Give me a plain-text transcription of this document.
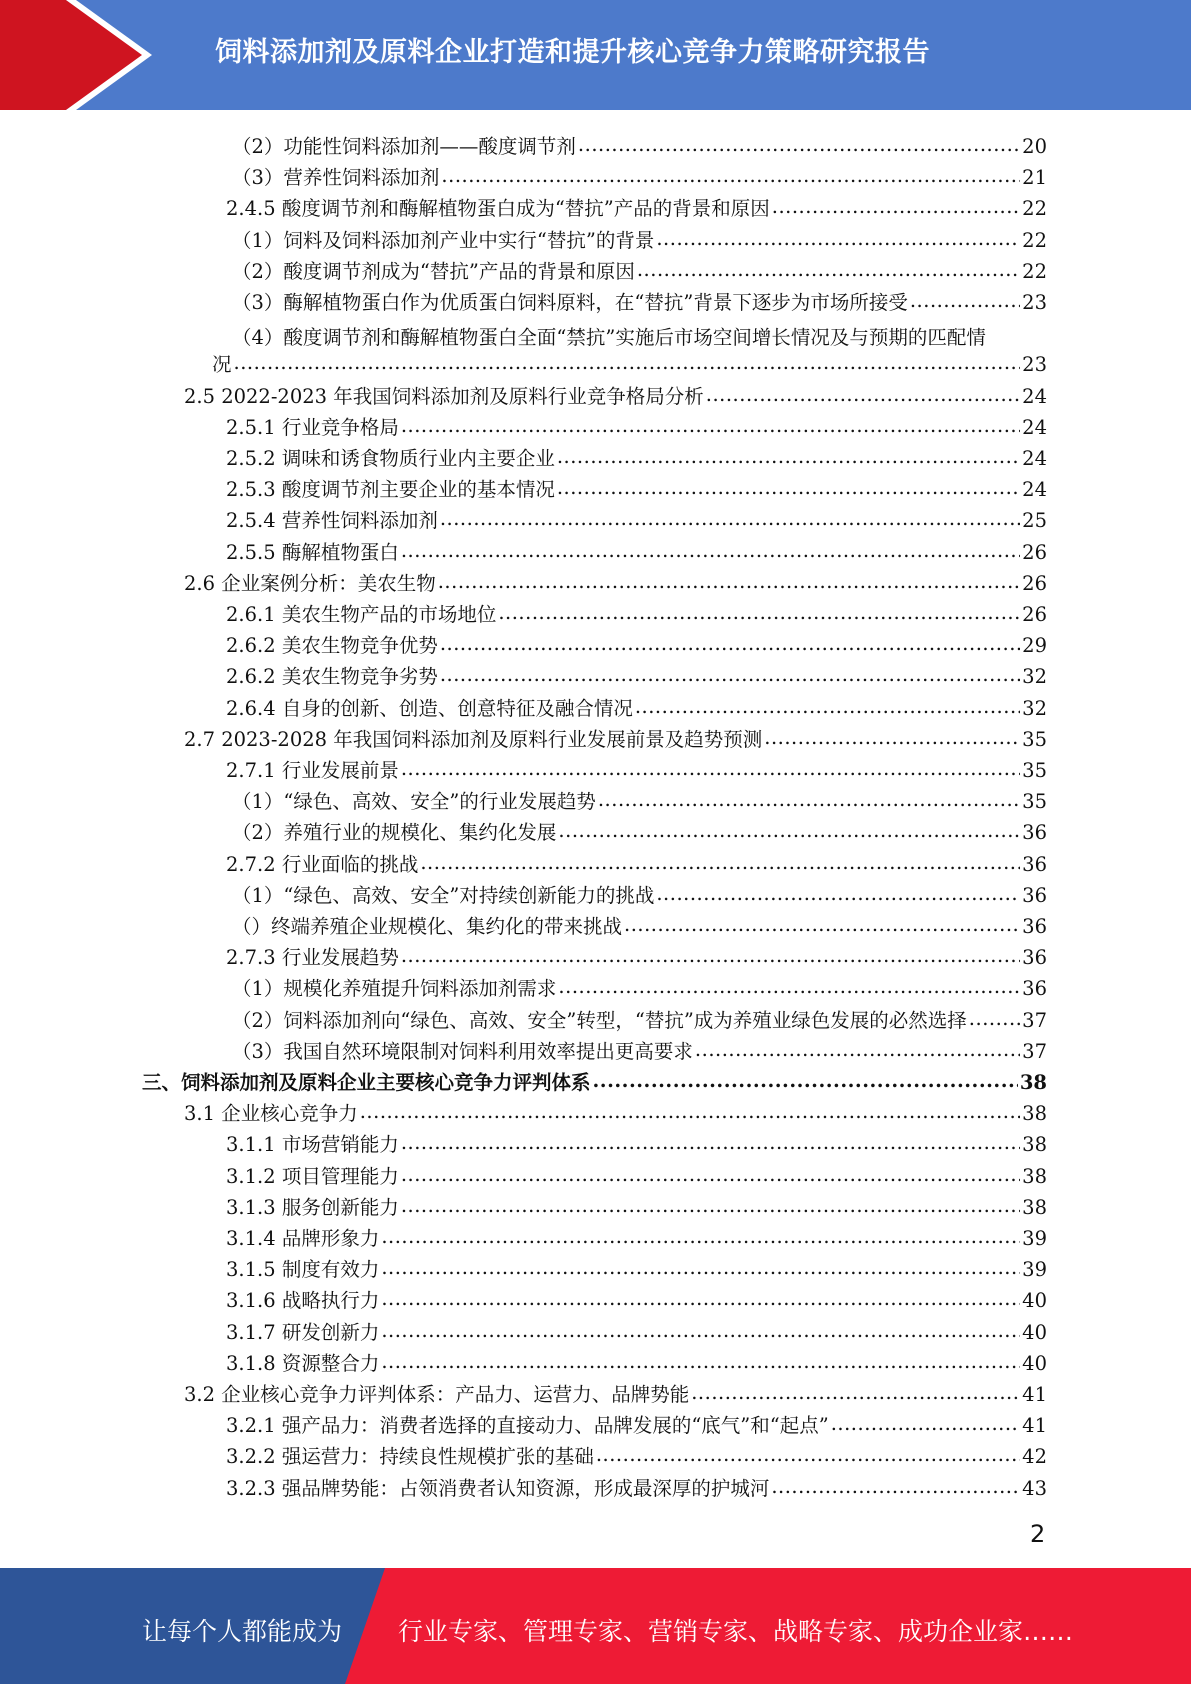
饲料添加剂及原料企业打造和提升核心竞争力策略研究报告
（2）功能性饲料添加剂——酸度调节剂 .....	20
（3）营养性饲料添加剂 .....	21
2.4.5 酸度调节剂和酶解植物蛋白成为“替抗”产品的背景和原因 .....	22
（1）饲料及饲料添加剂产业中实行“替抗”的背景 .....	22
（2）酸度调节剂成为“替抗”产品的背景和原因 .....	22
（3）酶解植物蛋白作为优质蛋白饲料原料，在“替抗”背景下逐步为市场所接受 .....	23
（4）酸度调节剂和酶解植物蛋白全面“禁抗”实施后市场空间增长情况及与预期的匹配情
况 .....	23
2.5 2022-2023 年我国饲料添加剂及原料行业竞争格局分析 .....	24
2.5.1 行业竞争格局 .....	24
2.5.2 调味和诱食物质行业内主要企业 .....	24
2.5.3 酸度调节剂主要企业的基本情况 .....	24
2.5.4 营养性饲料添加剂 .....	25
2.5.5 酶解植物蛋白 .....	26
2.6 企业案例分析：美农生物 .....	26
2.6.1 美农生物产品的市场地位 .....	26
2.6.2 美农生物竞争优势 .....	29
2.6.2 美农生物竞争劣势 .....	32
2.6.4 自身的创新、创造、创意特征及融合情况 .....	32
2.7 2023-2028 年我国饲料添加剂及原料行业发展前景及趋势预测 .....	35
2.7.1 行业发展前景 .....	35
（1）“绿色、高效、安全”的行业发展趋势 .....	35
（2）养殖行业的规模化、集约化发展 .....	36
2.7.2 行业面临的挑战 .....	36
（1）“绿色、高效、安全”对持续创新能力的挑战 .....	36
（）终端养殖企业规模化、集约化的带来挑战 .....	36
2.7.3 行业发展趋势 .....	36
（1）规模化养殖提升饲料添加剂需求 .....	36
（2）饲料添加剂向“绿色、高效、安全”转型，“替抗”成为养殖业绿色发展的必然选择 .....	37
（3）我国自然环境限制对饲料利用效率提出更高要求 .....	37
三、饲料添加剂及原料企业主要核心竞争力评判体系 .....	38
3.1 企业核心竞争力 .....	38
3.1.1 市场营销能力 .....	38
3.1.2 项目管理能力 .....	38
3.1.3 服务创新能力 .....	38
3.1.4 品牌形象力 .....	39
3.1.5 制度有效力 .....	39
3.1.6 战略执行力 .....	40
3.1.7 研发创新力 .....	40
3.1.8 资源整合力 .....	40
3.2 企业核心竞争力评判体系：产品力、运营力、品牌势能 .....	41
3.2.1 强产品力：消费者选择的直接动力、品牌发展的“底气”和“起点” .....	41
3.2.2 强运营力：持续良性规模扩张的基础 .....	42
3.2.3 强品牌势能：占领消费者认知资源，形成最深厚的护城河 .....	43
2
让每个人都能成为 行业专家、管理专家、营销专家、战略专家、成功企业家……
